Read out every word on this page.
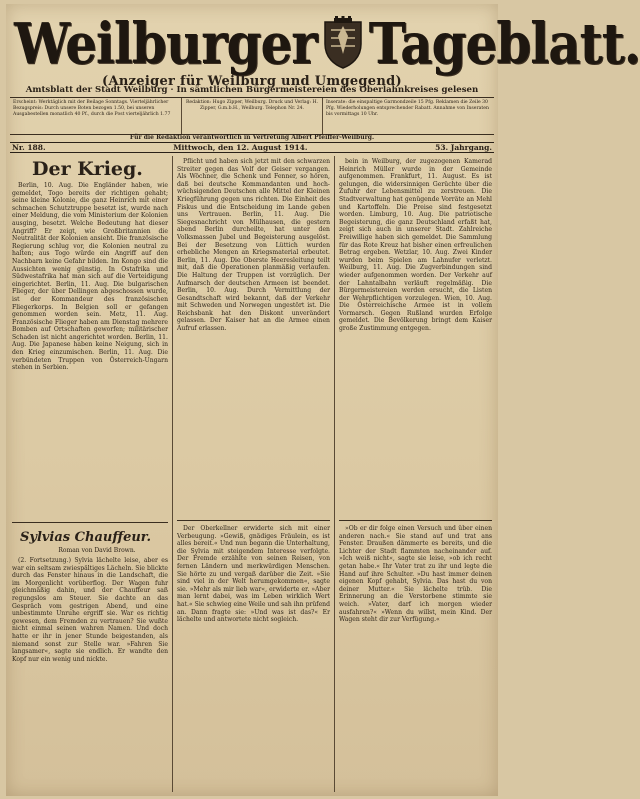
Weilburger Tageblatt.
(Anzeiger für Weilburg und Umgegend)
Amtsblatt der Stadt Weilburg · In sämtlichen Bürgermeistereien des Oberlahnkreises gelesen
Erscheint: Werktäglich mit der Beilage Sonntags. Vierteljährlicher Bezugspreis: Durch unsere Boten bezogen 1.50, bei unseren Ausgabestellen monatlich 40 Pf., durch die Post vierteljährlich 1.77
Redaktion: Hugo Zipper, Weilburg. Druck und Verlag: H. Zipper, G.m.b.H., Weilburg. Telephon Nr. 24.
Inserate: die einspaltige Garmondzeile 15 Pfg. Reklamen die Zeile 30 Pfg. Wiederholungen entsprechender Rabatt. Annahme von Inseraten bis vormittags 10 Uhr.
Für die Redaktion verantwortlich in Vertretung Albert Pfeiffer-Weilburg.
Nr. 188.	Mittwoch, den 12. August 1914.	53. Jahrgang.
Der Krieg.

Berlin, 10. Aug. Die Engländer haben, wie gemeldet, Togo bereits der richtigen gehabt; seine kleine Kolonie, die ganz Heinrich mit einer schmachen Schutztruppe besetzt ist, wurde nach einer Meldung, die vom Ministerium der Kolonien ausging, besetzt. Welche Bedeutung hat dieser Angriff? Er zeigt, wie Großbritannien die Neutralität der Kolonien ansieht. Die französische Regierung schlug vor, die Kolonien neutral zu halten; aus Togo würde ein Angriff auf den Nachbarn keine Gefahr bilden. Im Kongo sind die Aussichten wenig günstig. In Ostafrika und Südwestafrika hat man sich auf die Verteidigung eingerichtet. Berlin, 11. Aug. Die bulgarischen Flieger, der über Dellingen abgeschossen wurde, ist der Kommandeur des französischen Fliegerkorps. In Belgien soll er gefangen genommen worden sein. Metz, 11. Aug. Französische Flieger haben am Dienstag mehrere Bomben auf Ortschaften geworfen; militärischer Schaden ist nicht angerichtet worden. Berlin, 11. Aug. Die Japanese haben keine Neigung, sich in den Krieg einzumischen. Berlin, 11. Aug. Die verbündeten Truppen von Österreich-Ungarn stehen in Serbien.

Sylvias Chauffeur.
Roman von David Brown.

(2. Fortsetzung.) Sylvia lächelte leise, aber es war ein seltsam zwiespältiges Lächeln. Sie blickte durch das Fenster hinaus in die Landschaft, die im Morgenlicht vorüberflog. Der Wagen fuhr gleichmäßig dahin, und der Chauffeur saß regungslos am Steuer. Sie dachte an das Gespräch vom gestrigen Abend, und eine unbestimmte Unruhe ergriff sie. War es richtig gewesen, dem Fremden zu vertrauen? Sie wußte nicht einmal seinen wahren Namen. Und doch hatte er ihr in jener Stunde beigestanden, als niemand sonst zur Stelle war. »Fahren Sie langsamer«, sagte sie endlich. Er wandte den Kopf nur ein wenig und nickte.

Pflicht und haben sich jetzt mit den schwarzen Streiter gegen das Volf der Geiser vergangen. Als Wöchner, die Schenk und Fenner, so hören, daß bei deutsche Kommandanten und hoch-wüchsigenden Deutschen alle Mittel der Kleinen Kriegführung gegen uns richten. Die Einheit des Fiskus und die Entscheidung im Lande geben uns Vertrauen. Berlin, 11. Aug. Die Siegesnachricht von Mülhausen, die gestern abend Berlin durcheilte, hat unter den Volksmassen Jubel und Begeisterung ausgelöst. Bei der Besetzung von Lüttich wurden erhebliche Mengen an Kriegsmaterial erbeutet. Berlin, 11. Aug. Die Oberste Heeresleitung teilt mit, daß die Operationen planmäßig verlaufen. Die Haltung der Truppen ist vorzüglich. Der Aufmarsch der deutschen Armeen ist beendet. Berlin, 10. Aug. Durch Vermittlung der Gesandtschaft wird bekannt, daß der Verkehr mit Schweden und Norwegen ungestört ist. Die Reichsbank hat den Diskont unverändert gelassen. Der Kaiser hat an die Armee einen Aufruf erlassen.

Der Oberkellner erwiderte sich mit einer Verbeugung. »Gewiß, gnädiges Fräulein, es ist alles bereit.« Und nun begann die Unterhaltung, die Sylvia mit steigendem Interesse verfolgte. Der Fremde erzählte von seinen Reisen, von fernen Ländern und merkwürdigen Menschen. Sie hörte zu und vergaß darüber die Zeit. »Sie sind viel in der Welt herumgekommen«, sagte sie. »Mehr als mir lieb war«, erwiderte er. »Aber man lernt dabei, was im Leben wirklich Wert hat.« Sie schwieg eine Weile und sah ihn prüfend an. Dann fragte sie: »Und was ist das?« Er lächelte und antwortete nicht sogleich.

bein in Weilburg, der zugezogenen Kamerad Heinrich Müller wurde in der Gemeinde aufgenommen. Frankfurt, 11. August. Es ist gelungen, die widersinnigen Gerüchte über die Zufuhr der Lebensmittel zu zerstreuen. Die Stadtverwaltung hat genügende Vorräte an Mehl und Kartoffeln. Die Preise sind festgesetzt worden. Limburg, 10. Aug. Die patriotische Begeisterung, die ganz Deutschland erfaßt hat, zeigt sich auch in unserer Stadt. Zahlreiche Freiwillige haben sich gemeldet. Die Sammlung für das Rote Kreuz hat bisher einen erfreulichen Betrag ergeben. Wetzlar, 10. Aug. Zwei Kinder wurden beim Spielen am Lahnufer verletzt. Weilburg, 11. Aug. Die Zugverbindungen sind wieder aufgenommen worden. Der Verkehr auf der Lahntalbahn verläuft regelmäßig. Die Bürgermeistereien werden ersucht, die Listen der Wehrpflichtigen vorzulegen. Wien, 10. Aug. Die Österreichische Armee ist in vollem Vormarsch. Gegen Rußland wurden Erfolge gemeldet. Die Bevölkerung bringt dem Kaiser große Zustimmung entgegen.

»Ob er dir folge einen Versuch und über einen anderen nach.« Sie stand auf und trat ans Fenster. Draußen dämmerte es bereits, und die Lichter der Stadt flammten nacheinander auf. »Ich weiß nicht«, sagte sie leise, »ob ich recht getan habe.« Ihr Vater trat zu ihr und legte die Hand auf ihre Schulter. »Du hast immer deinen eigenen Kopf gehabt, Sylvia. Das hast du von deiner Mutter.« Sie lächelte trüb. Die Erinnerung an die Verstorbene stimmte sie weich. »Vater, darf ich morgen wieder ausfahren?« »Wenn du willst, mein Kind. Der Wagen steht dir zur Verfügung.«
